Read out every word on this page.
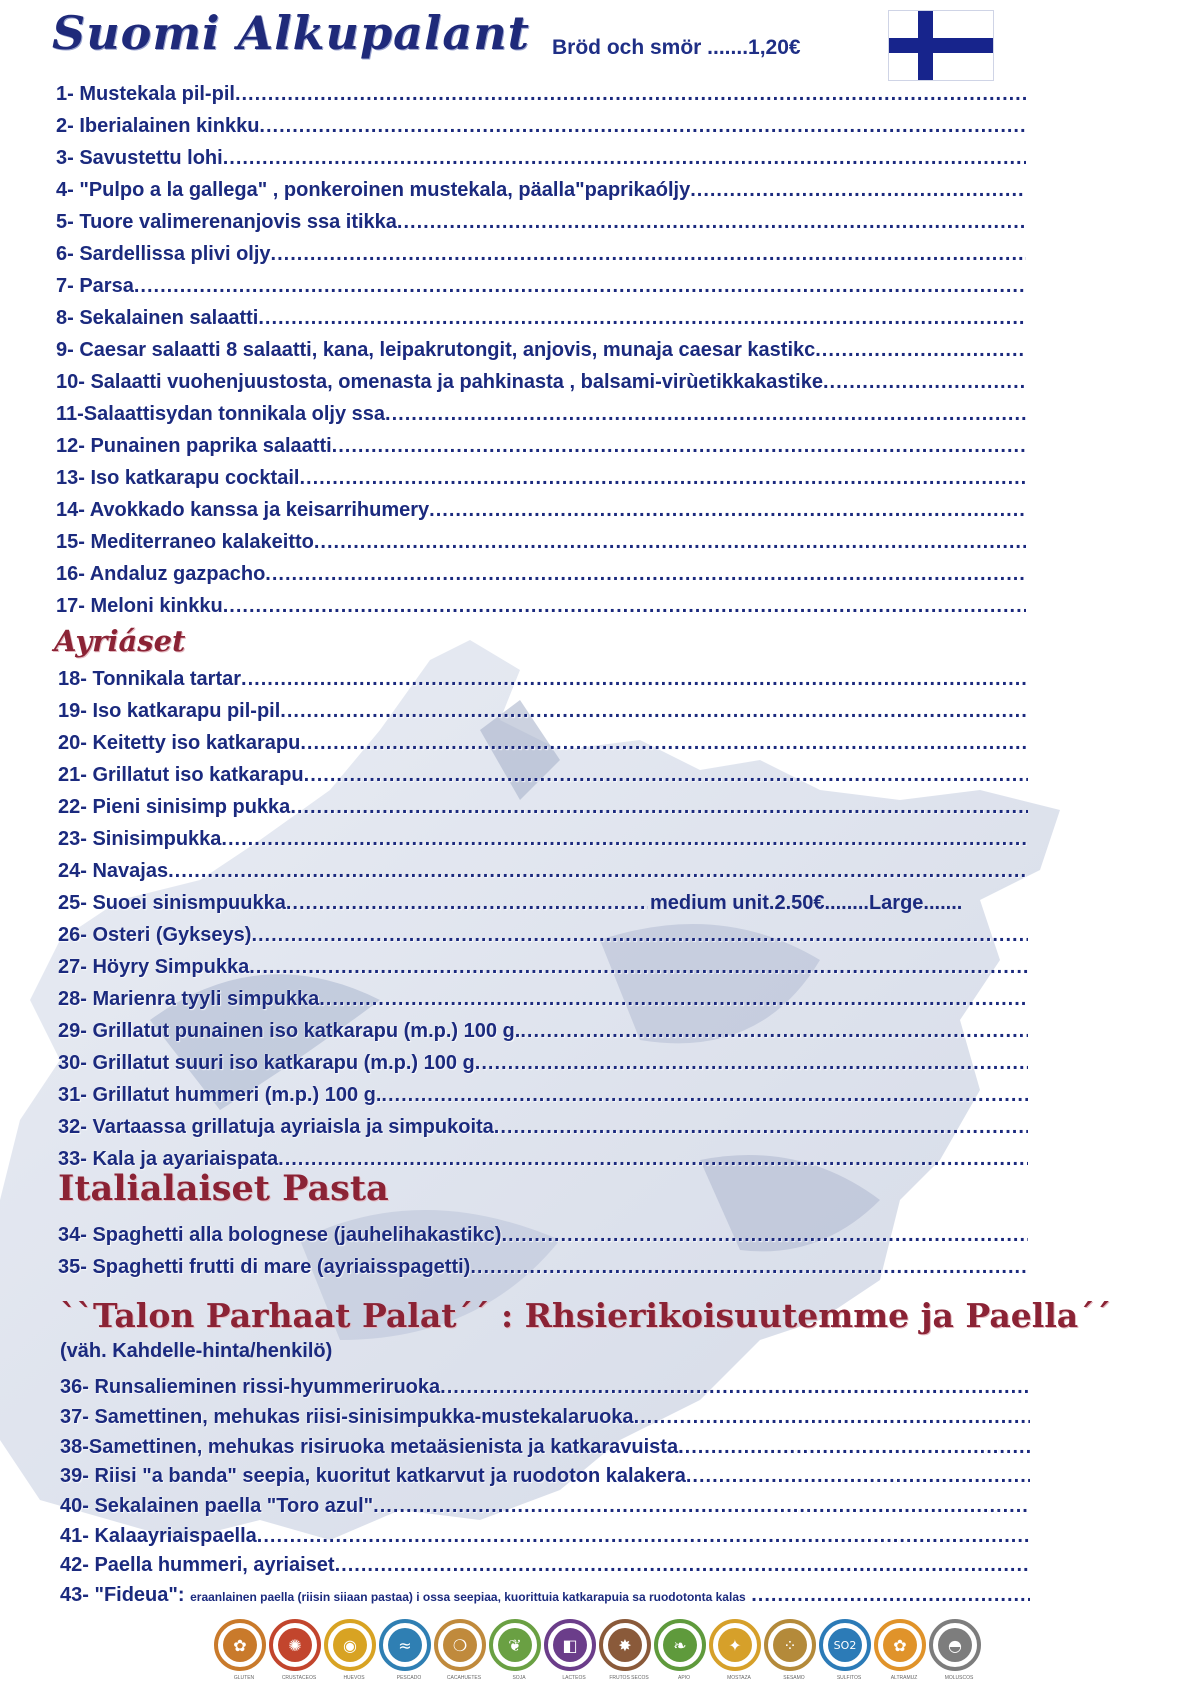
Suomi Alkupalant Bröd och smör .......1,20€
1- Mustekala pil-pil .....
2- Iberialainen kinkku .....
3- Savustettu lohi .....
4- "Pulpo a la gallega" , ponkeroinen mustekala, päalla"paprikaóljy .....
5- Tuore valimerenanjovis ssa itikka .....
6- Sardellissa plivi oljy .....
7- Parsa .....
8- Sekalainen salaatti .....
9- Caesar salaatti 8 salaatti, kana, leipakrutongit, anjovis, munaja caesar kastikc .....
10- Salaatti vuohenjuustosta, omenasta ja pahkinasta , balsami-virùetikkakastike .....
11-Salaattisydan tonnikala oljy ssa .....
12- Punainen paprika salaatti .....
13- Iso katkarapu cocktail .....
14- Avokkado kanssa ja keisarrihumery .....
15- Mediterraneo kalakeitto .....
16- Andaluz gazpacho .....
17- Meloni kinkku .....
Ayriáset
18- Tonnikala tartar .....
19- Iso katkarapu pil-pil .....
20- Keitetty iso katkarapu .....
21- Grillatut iso katkarapu .....
22- Pieni sinisimp pukka .....
23- Sinisimpukka .....
24- Navajas .....
25- Suoei sinismpuukka .....	medium unit.2.50€........Large.......
26- Osteri (Gykseys) .....
27- Höyry Simpukka .....
28- Marienra tyyli simpukka .....
29- Grillatut punainen iso katkarapu (m.p.) 100 g. .....
30- Grillatut suuri iso katkarapu (m.p.) 100 g .....
31- Grillatut hummeri (m.p.) 100 g. .....
32- Vartaassa grillatuja ayriaisla ja simpukoita .....
33- Kala ja ayariaispata .....
Italialaiset Pasta
34- Spaghetti alla bolognese (jauhelihakastikc) .....
35- Spaghetti frutti di mare (ayriaisspagetti) .....
``Talon Parhaat Palat´´ : Rhsierikoisuutemme ja Paella´´
(väh. Kahdelle-hinta/henkilö)
36- Runsalieminen rissi-hyummeriruoka .....
37- Samettinen, mehukas riisi-sinisimpukka-mustekalaruoka .....
38-Samettinen, mehukas risiruoka metaäsienista ja katkaravuista .....
39- Riisi "a banda" seepia, kuoritut katkarvut ja ruodoton kalakera .....
40- Sekalainen paella "Toro azul" .....
41- Kalaayriaispaella .....
42- Paella hummeri, ayriaiset .....
43- "Fideua": eraanlainen paella (riisin siiaan pastaa) i ossa seepiaa, kuorittuia katkarapuia sa ruodotonta kalas .....
✿
GLUTEN
✺
CRUSTACEOS
◉
HUEVOS
≈
PESCADO
❍
CACAHUETES
❦
SOJA
◧
LACTEOS
✸
FRUTOS SECOS
❧
APIO
✦
MOSTAZA
⁘
SESAMO
SO2
SULFITOS
✿
ALTRAMUZ
◓
MOLUSCOS
